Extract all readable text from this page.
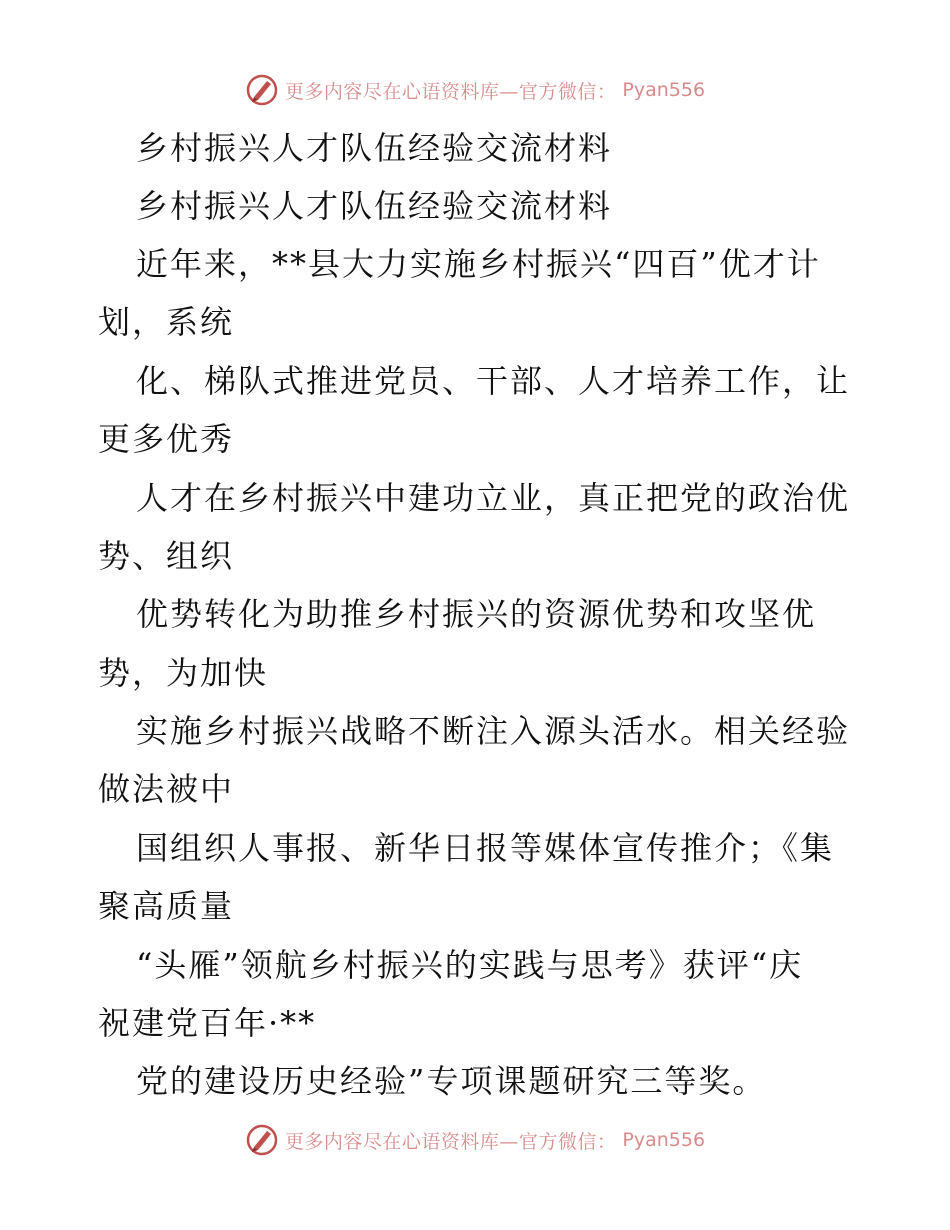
更多内容尽在心语资料库—官方微信： Pyan556
乡村振兴人才队伍经验交流材料
乡村振兴人才队伍经验交流材料
近年来，**县大力实施乡村振兴“四百”优才计
划，系统
化、梯队式推进党员、干部、人才培养工作，让
更多优秀
人才在乡村振兴中建功立业，真正把党的政治优
势、组织
优势转化为助推乡村振兴的资源优势和攻坚优
势，为加快
实施乡村振兴战略不断注入源头活水。相关经验
做法被中
国组织人事报、新华日报等媒体宣传推介；《集
聚高质量
“头雁”领航乡村振兴的实践与思考》获评“庆
祝建党百年·**
党的建设历史经验”专项课题研究三等奖。
更多内容尽在心语资料库—官方微信： Pyan556
